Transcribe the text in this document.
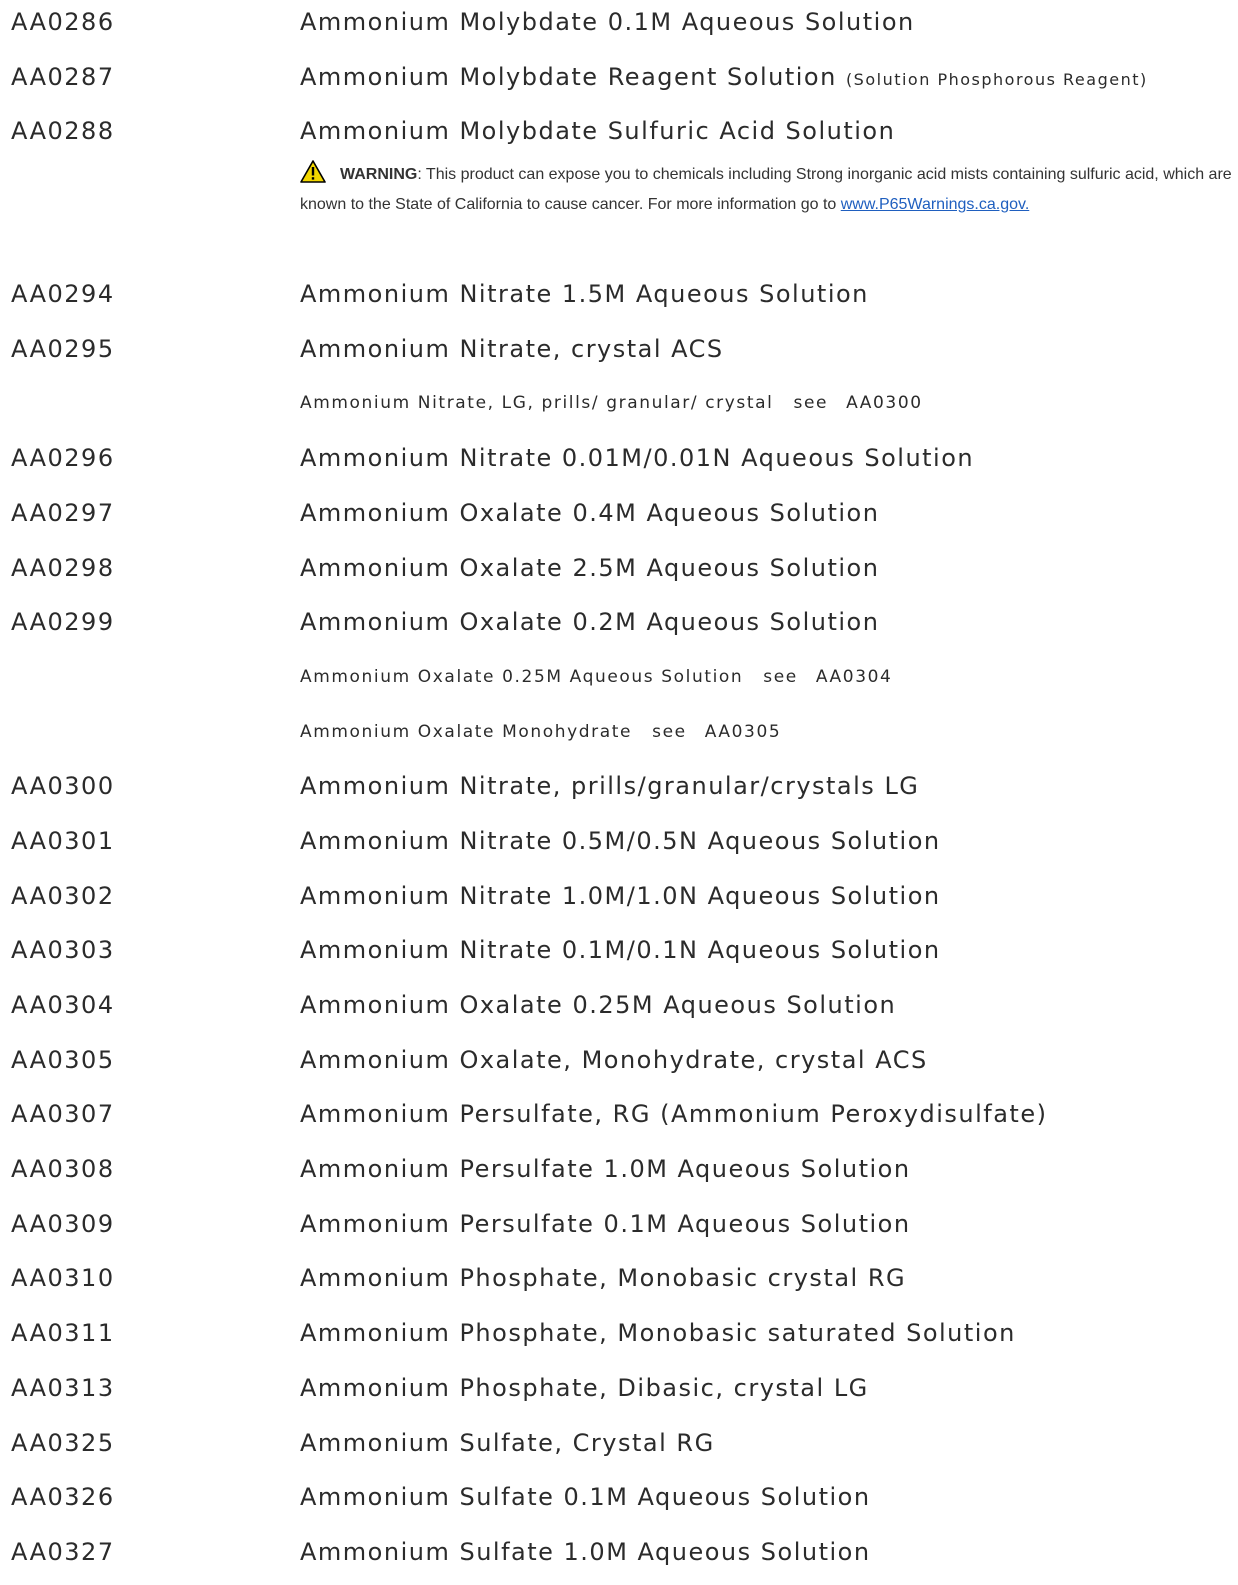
AA0286	Ammonium Molybdate 0.1M Aqueous Solution
AA0287	Ammonium Molybdate Reagent Solution (Solution Phosphorous Reagent)
AA0288	Ammonium Molybdate Sulfuric Acid Solution
WARNING: This product can expose you to chemicals including Strong inorganic acid mists containing sulfuric acid, which are known to the State of California to cause cancer. For more information go to www.P65Warnings.ca.gov.
AA0294	Ammonium Nitrate 1.5M Aqueous Solution
AA0295	Ammonium Nitrate, crystal ACS
Ammonium Nitrate, LG, prills/ granular/ crystal see AA0300
AA0296	Ammonium Nitrate 0.01M/0.01N Aqueous Solution
AA0297	Ammonium Oxalate 0.4M Aqueous Solution
AA0298	Ammonium Oxalate 2.5M Aqueous Solution
AA0299	Ammonium Oxalate 0.2M Aqueous Solution
Ammonium Oxalate 0.25M Aqueous Solution see AA0304
Ammonium Oxalate Monohydrate see AA0305
AA0300	Ammonium Nitrate, prills/granular/crystals LG
AA0301	Ammonium Nitrate 0.5M/0.5N Aqueous Solution
AA0302	Ammonium Nitrate 1.0M/1.0N Aqueous Solution
AA0303	Ammonium Nitrate 0.1M/0.1N Aqueous Solution
AA0304	Ammonium Oxalate 0.25M Aqueous Solution
AA0305	Ammonium Oxalate, Monohydrate, crystal ACS
AA0307	Ammonium Persulfate, RG (Ammonium Peroxydisulfate)
AA0308	Ammonium Persulfate 1.0M Aqueous Solution
AA0309	Ammonium Persulfate 0.1M Aqueous Solution
AA0310	Ammonium Phosphate, Monobasic crystal RG
AA0311	Ammonium Phosphate, Monobasic saturated Solution
AA0313	Ammonium Phosphate, Dibasic, crystal LG
AA0325	Ammonium Sulfate, Crystal RG
AA0326	Ammonium Sulfate 0.1M Aqueous Solution
AA0327	Ammonium Sulfate 1.0M Aqueous Solution
